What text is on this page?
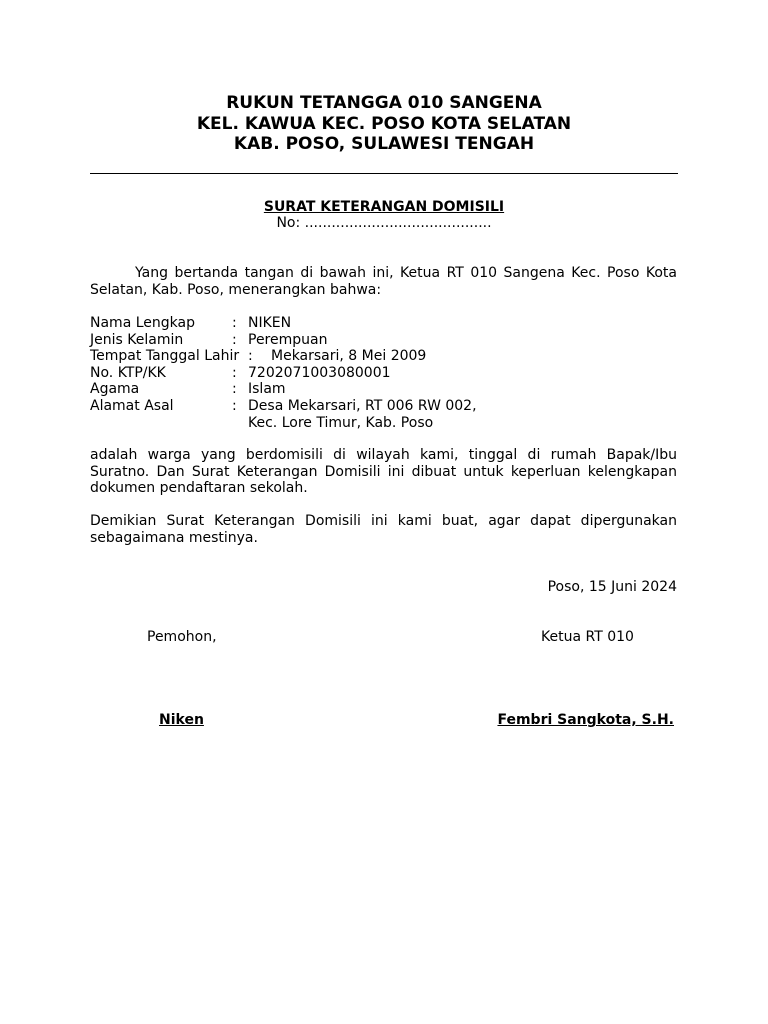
RUKUN TETANGGA 010 SANGENA
KEL. KAWUA KEC. POSO KOTA SELATAN
KAB. POSO, SULAWESI TENGAH
SURAT KETERANGAN DOMISILI
No: ..........................................
Yang bertanda tangan di bawah ini, Ketua RT 010 Sangena Kec. Poso Kota Selatan, Kab. Poso, menerangkan bahwa:
Nama Lengkap	: NIKEN
Jenis Kelamin	: Perempuan
Tempat Tanggal Lahir : Mekarsari, 8 Mei 2009
No. KTP/KK	: 7202071003080001
Agama	: Islam
Alamat Asal	: Desa Mekarsari, RT 006 RW 002,
Kec. Lore Timur, Kab. Poso
adalah warga yang berdomisili di wilayah kami, tinggal di rumah Bapak/Ibu Suratno. Dan Surat Keterangan Domisili ini dibuat untuk keperluan kelengkapan dokumen pendaftaran sekolah.
Demikian Surat Keterangan Domisili ini kami buat, agar dapat dipergunakan sebagaimana mestinya.
Poso, 15 Juni 2024
Pemohon,	Ketua RT 010
Niken	Fembri Sangkota, S.H.
